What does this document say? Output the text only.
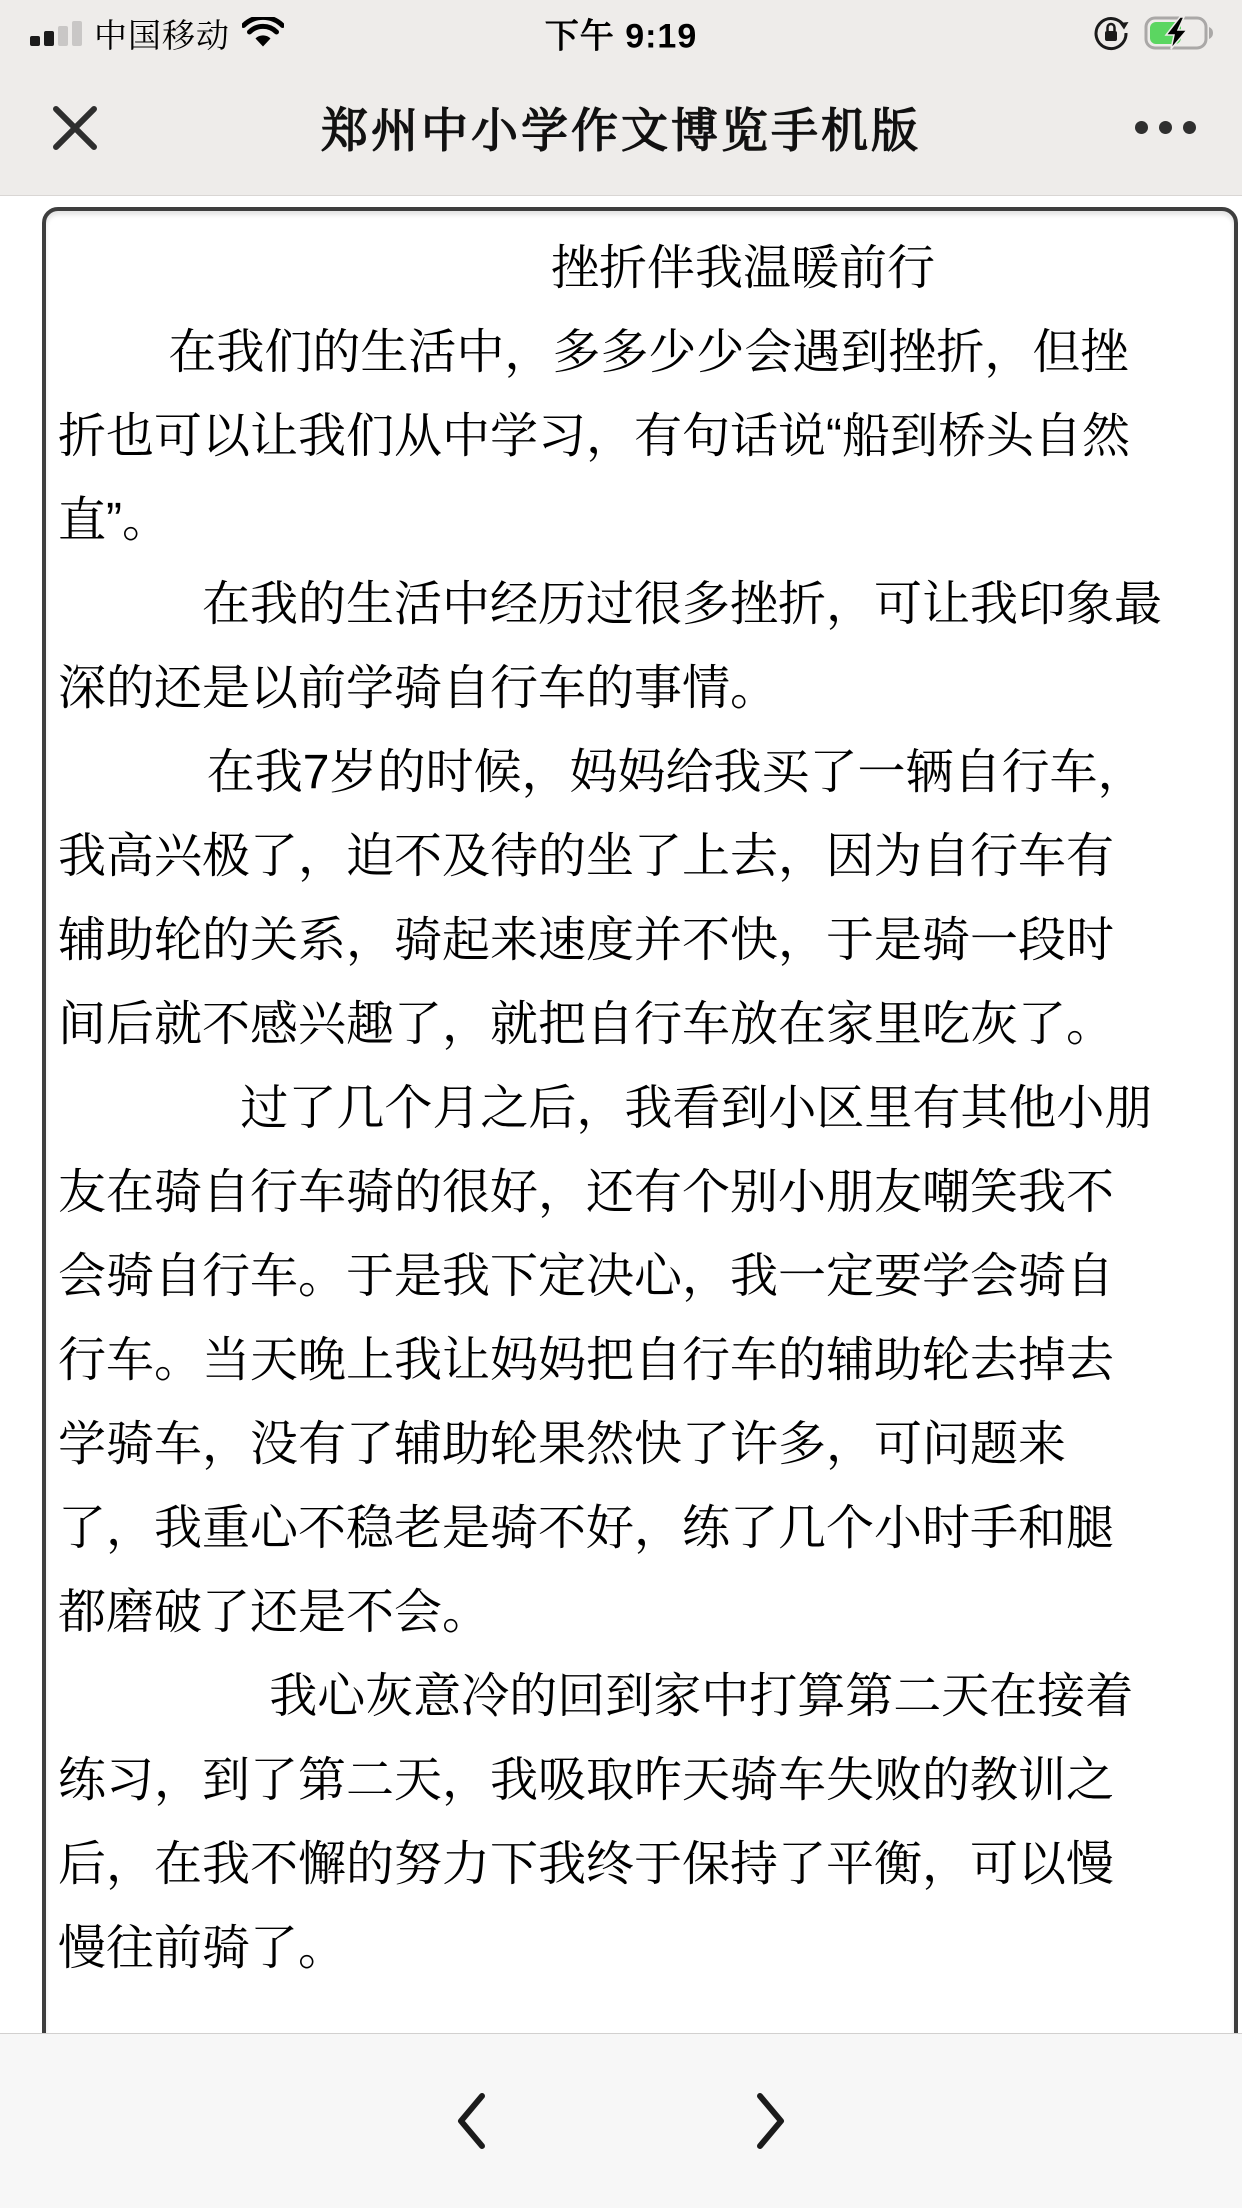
中国移动	下午 9:19
郑州中小学作文博览手机版
挫折伴我温暖前行
在我们的生活中，多多少少会遇到挫折，但挫
折也可以让我们从中学习，有句话说“船到桥头自然
直”。
在我的生活中经历过很多挫折，可让我印象最
深的还是以前学骑自行车的事情。
在我7岁的时候，妈妈给我买了一辆自行车，
我高兴极了，迫不及待的坐了上去，因为自行车有
辅助轮的关系，骑起来速度并不快，于是骑一段时
间后就不感兴趣了，就把自行车放在家里吃灰了。
过了几个月之后，我看到小区里有其他小朋
友在骑自行车骑的很好，还有个别小朋友嘲笑我不
会骑自行车。于是我下定决心，我一定要学会骑自
行车。当天晚上我让妈妈把自行车的辅助轮去掉去
学骑车，没有了辅助轮果然快了许多，可问题来
了，我重心不稳老是骑不好，练了几个小时手和腿
都磨破了还是不会。
我心灰意冷的回到家中打算第二天在接着
练习，到了第二天，我吸取昨天骑车失败的教训之
后，在我不懈的努力下我终于保持了平衡，可以慢
慢往前骑了。
